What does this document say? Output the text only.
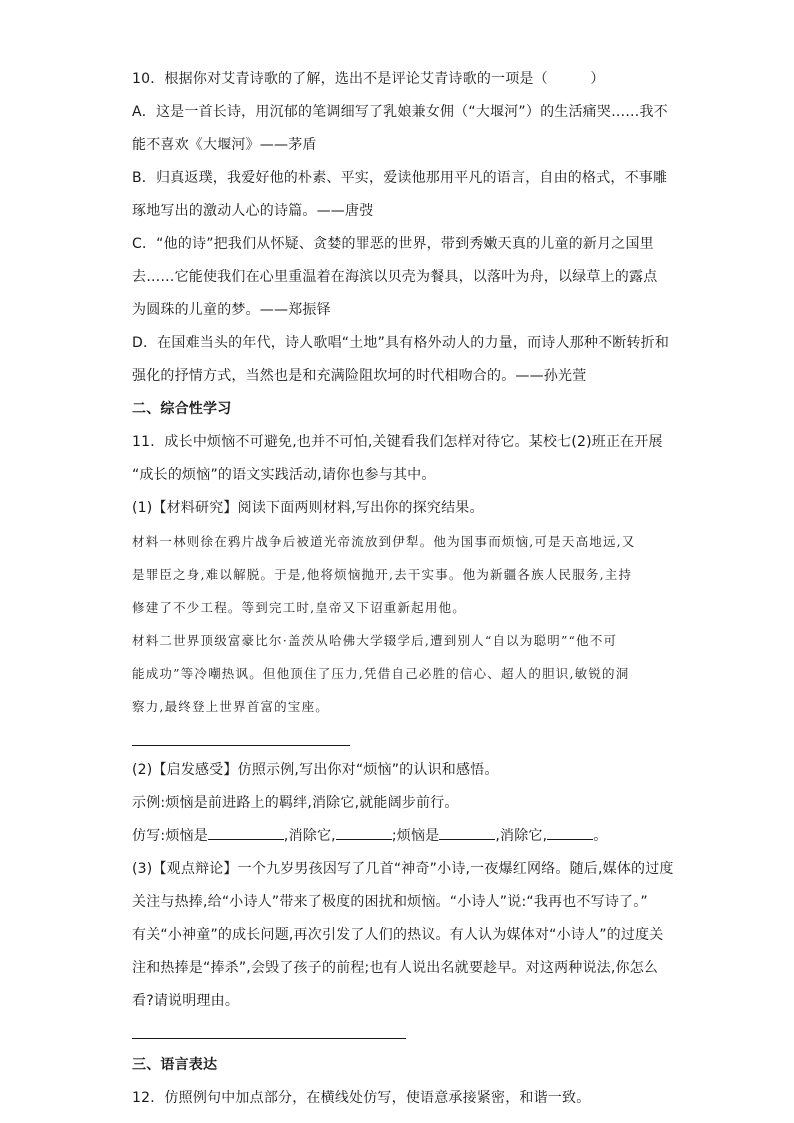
10．根据你对艾青诗歌的了解，选出不是评论艾青诗歌的一项是（　　　）
A．这是一首长诗，用沉郁的笔调细写了乳娘兼女佣（“大堰河”）的生活痛哭……我不
能不喜欢《大堰河》——茅盾
B．归真返璞，我爱好他的朴素、平实，爱读他那用平凡的语言，自由的格式，不事雕
琢地写出的激动人心的诗篇。——唐弢
C．“他的诗”把我们从怀疑、贪婪的罪恶的世界，带到秀嫩天真的儿童的新月之国里
去……它能使我们在心里重温着在海滨以贝壳为餐具，以落叶为舟，以绿草上的露点
为圆珠的儿童的梦。——郑振铎
D．在国难当头的年代，诗人歌唱“土地”具有格外动人的力量，而诗人那种不断转折和
强化的抒情方式，当然也是和充满险阻坎坷的时代相吻合的。——孙光萱
二、综合性学习
11．成长中烦恼不可避免,也并不可怕,关键看我们怎样对待它。某校七(2)班正在开展
“成长的烦恼”的语文实践活动,请你也参与其中。
(1)【材料研究】阅读下面两则材料,写出你的探究结果。
材料一林则徐在鸦片战争后被道光帝流放到伊犁。他为国事而烦恼,可是天高地远,又
是罪臣之身,难以解脱。于是,他将烦恼抛开,去干实事。他为新疆各族人民服务,主持
修建了不少工程。等到完工时,皇帝又下诏重新起用他。
材料二世界顶级富豪比尔·盖茨从哈佛大学辍学后,遭到别人“自以为聪明”“他不可
能成功”等冷嘲热讽。但他顶住了压力,凭借自己必胜的信心、超人的胆识,敏锐的洞
察力,最终登上世界首富的宝座。
(2)【启发感受】仿照示例,写出你对“烦恼”的认识和感悟。
示例:烦恼是前进路上的羁绊,消除它,就能阔步前行。
仿写:烦恼是	,消除它,	;烦恼是	,消除它,	。
(3)【观点辩论】一个九岁男孩因写了几首“神奇”小诗,一夜爆红网络。随后,媒体的过度
关注与热捧,给“小诗人”带来了极度的困扰和烦恼。“小诗人”说:“我再也不写诗了。”
有关“小神童”的成长问题,再次引发了人们的热议。有人认为媒体对“小诗人”的过度关
注和热捧是“捧杀”,会毁了孩子的前程;也有人说出名就要趁早。对这两种说法,你怎么
看?请说明理由。
三、语言表达
12．仿照例句中加点部分，在横线处仿写，使语意承接紧密，和谐一致。
